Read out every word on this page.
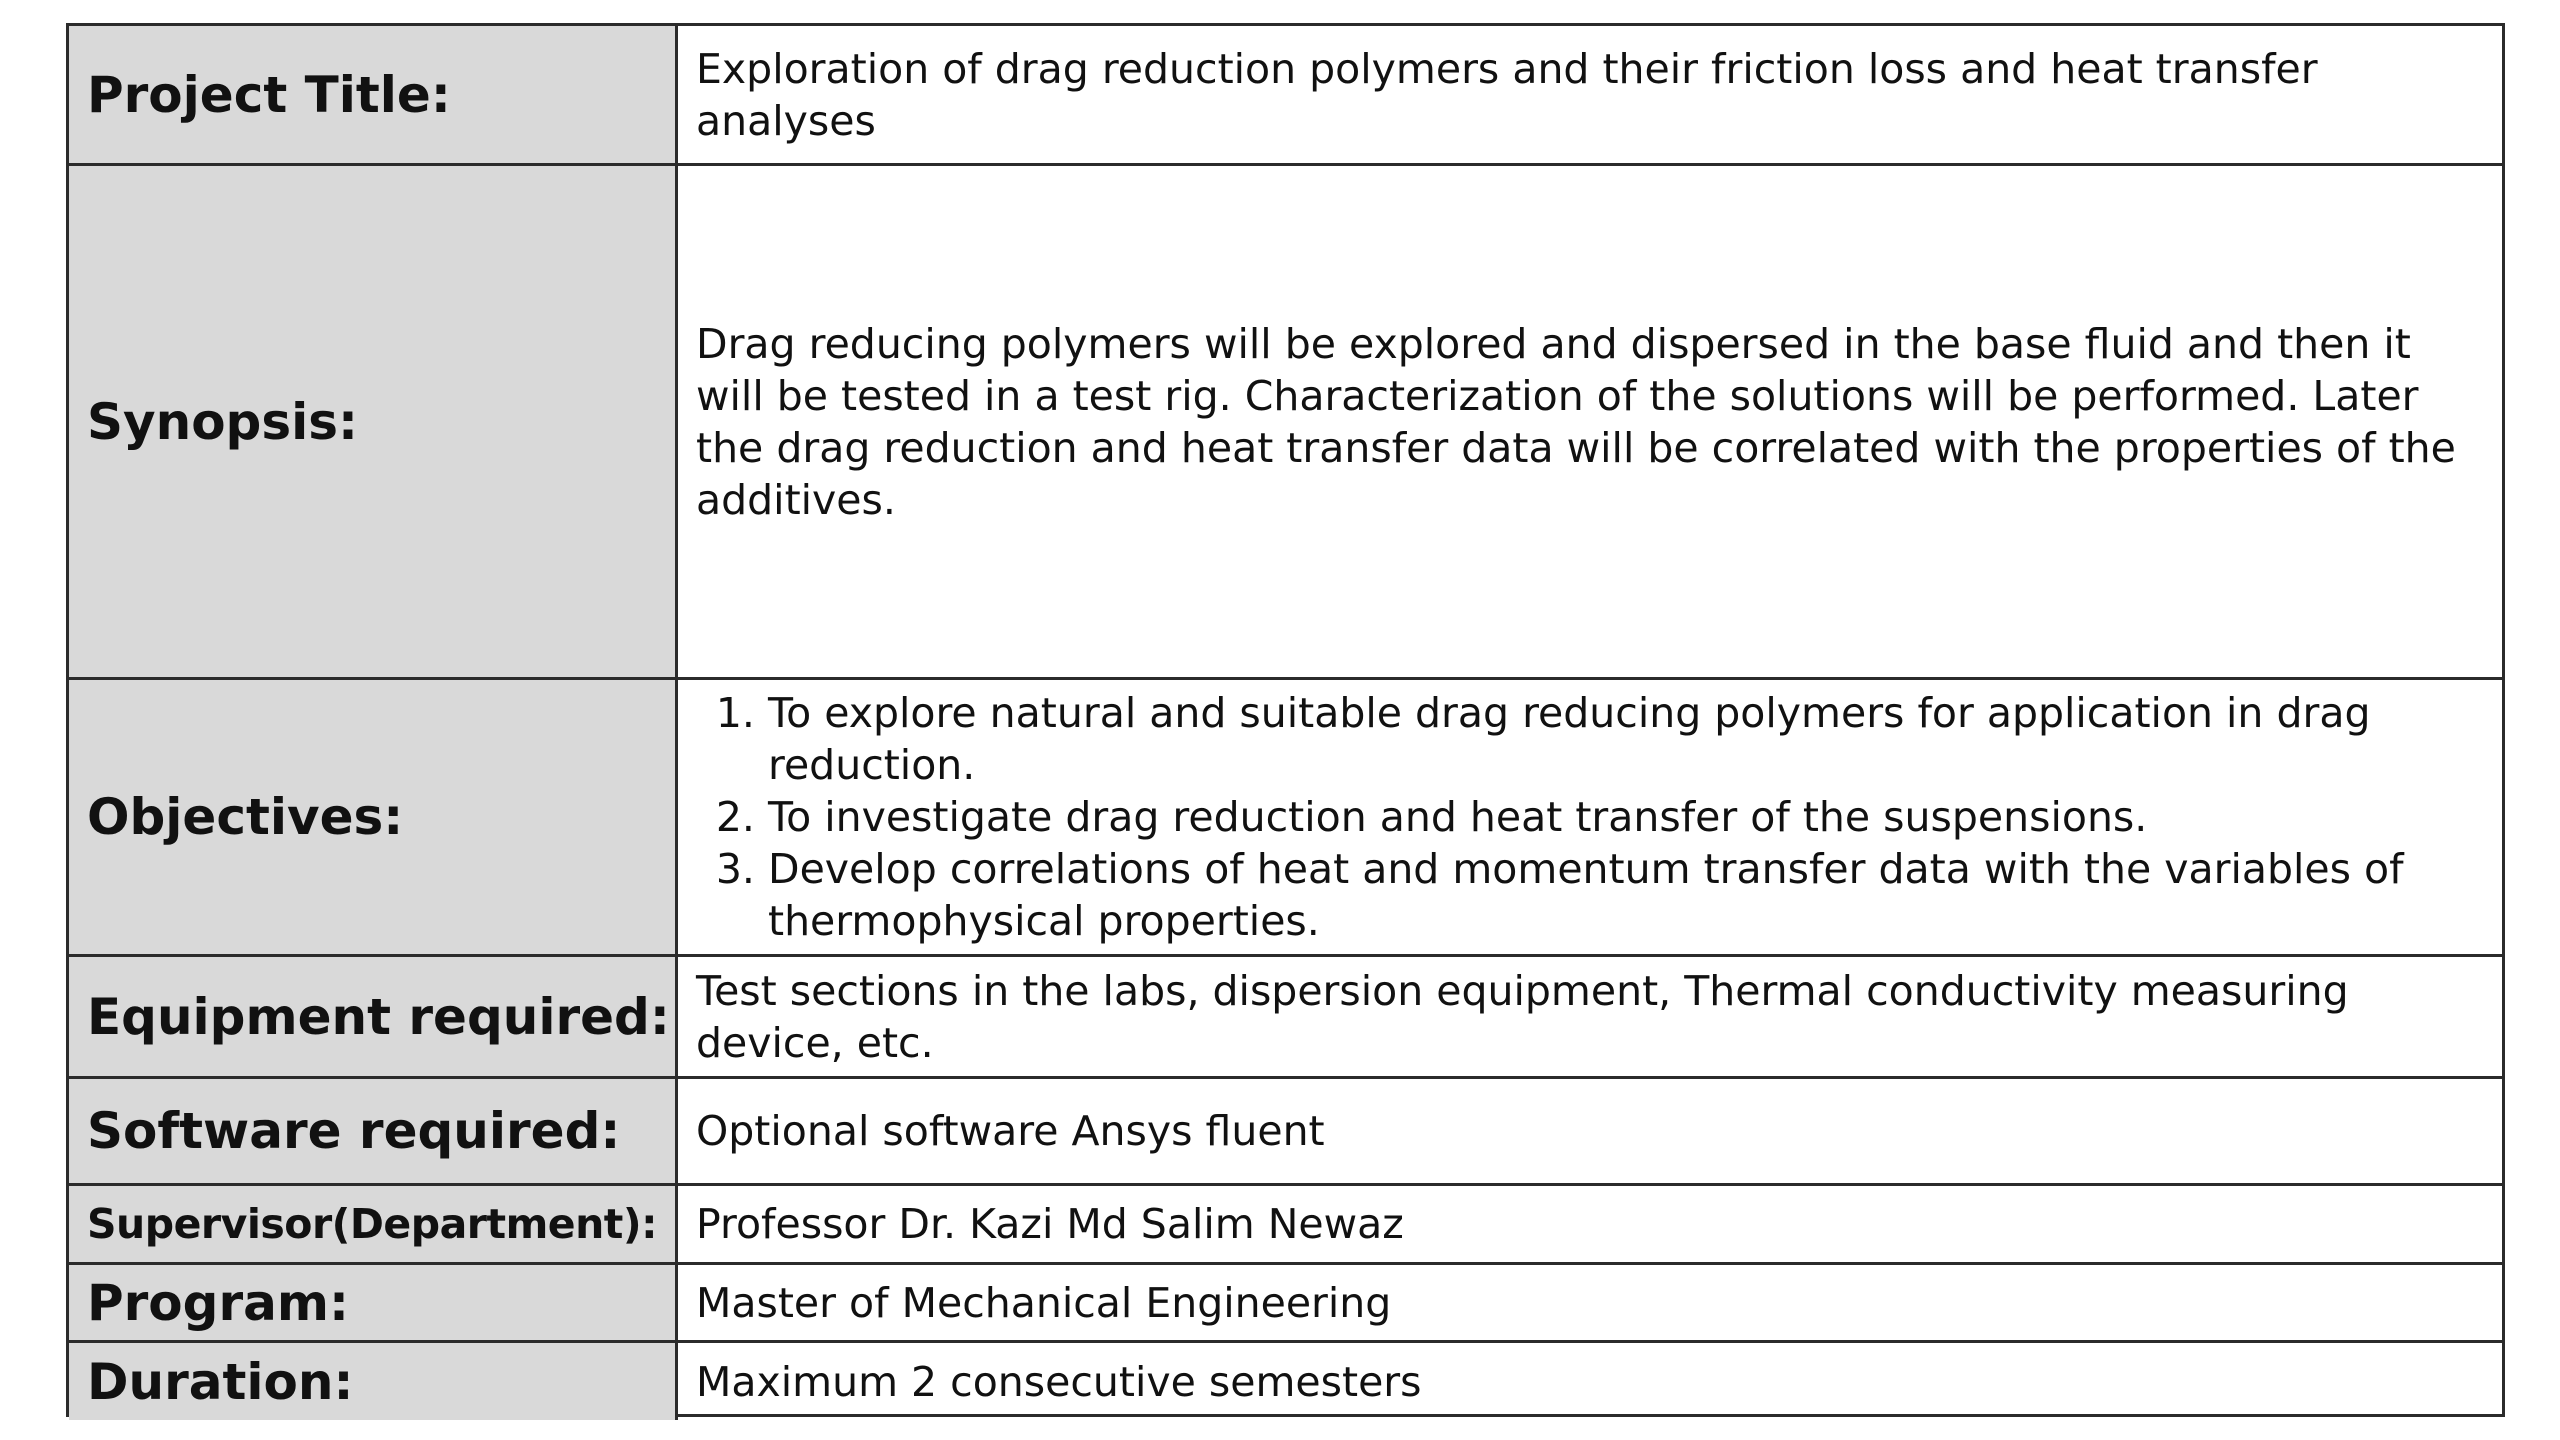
Project Title:	Exploration of drag reduction polymers and their friction loss and heat transfer analyses

Synopsis:

Drag reducing polymers will be explored and dispersed in the base fluid and then it will be tested in a test rig. Characterization of the solutions will be performed. Later the drag reduction and heat transfer data will be correlated with the properties of the additives.

Objectives:
1. To explore natural and suitable drag reducing polymers for application in drag reduction.
2. To investigate drag reduction and heat transfer of the suspensions.
3. Develop correlations of heat and momentum transfer data with the variables of thermophysical properties.
Equipment required: Test sections in the labs, dispersion equipment, Thermal conductivity measuring device, etc.

Software required:	Optional software Ansys fluent

Supervisor(Department): Professor Dr. Kazi Md Salim Newaz

Program:	Master of Mechanical Engineering

Duration:	Maximum 2 consecutive semesters
